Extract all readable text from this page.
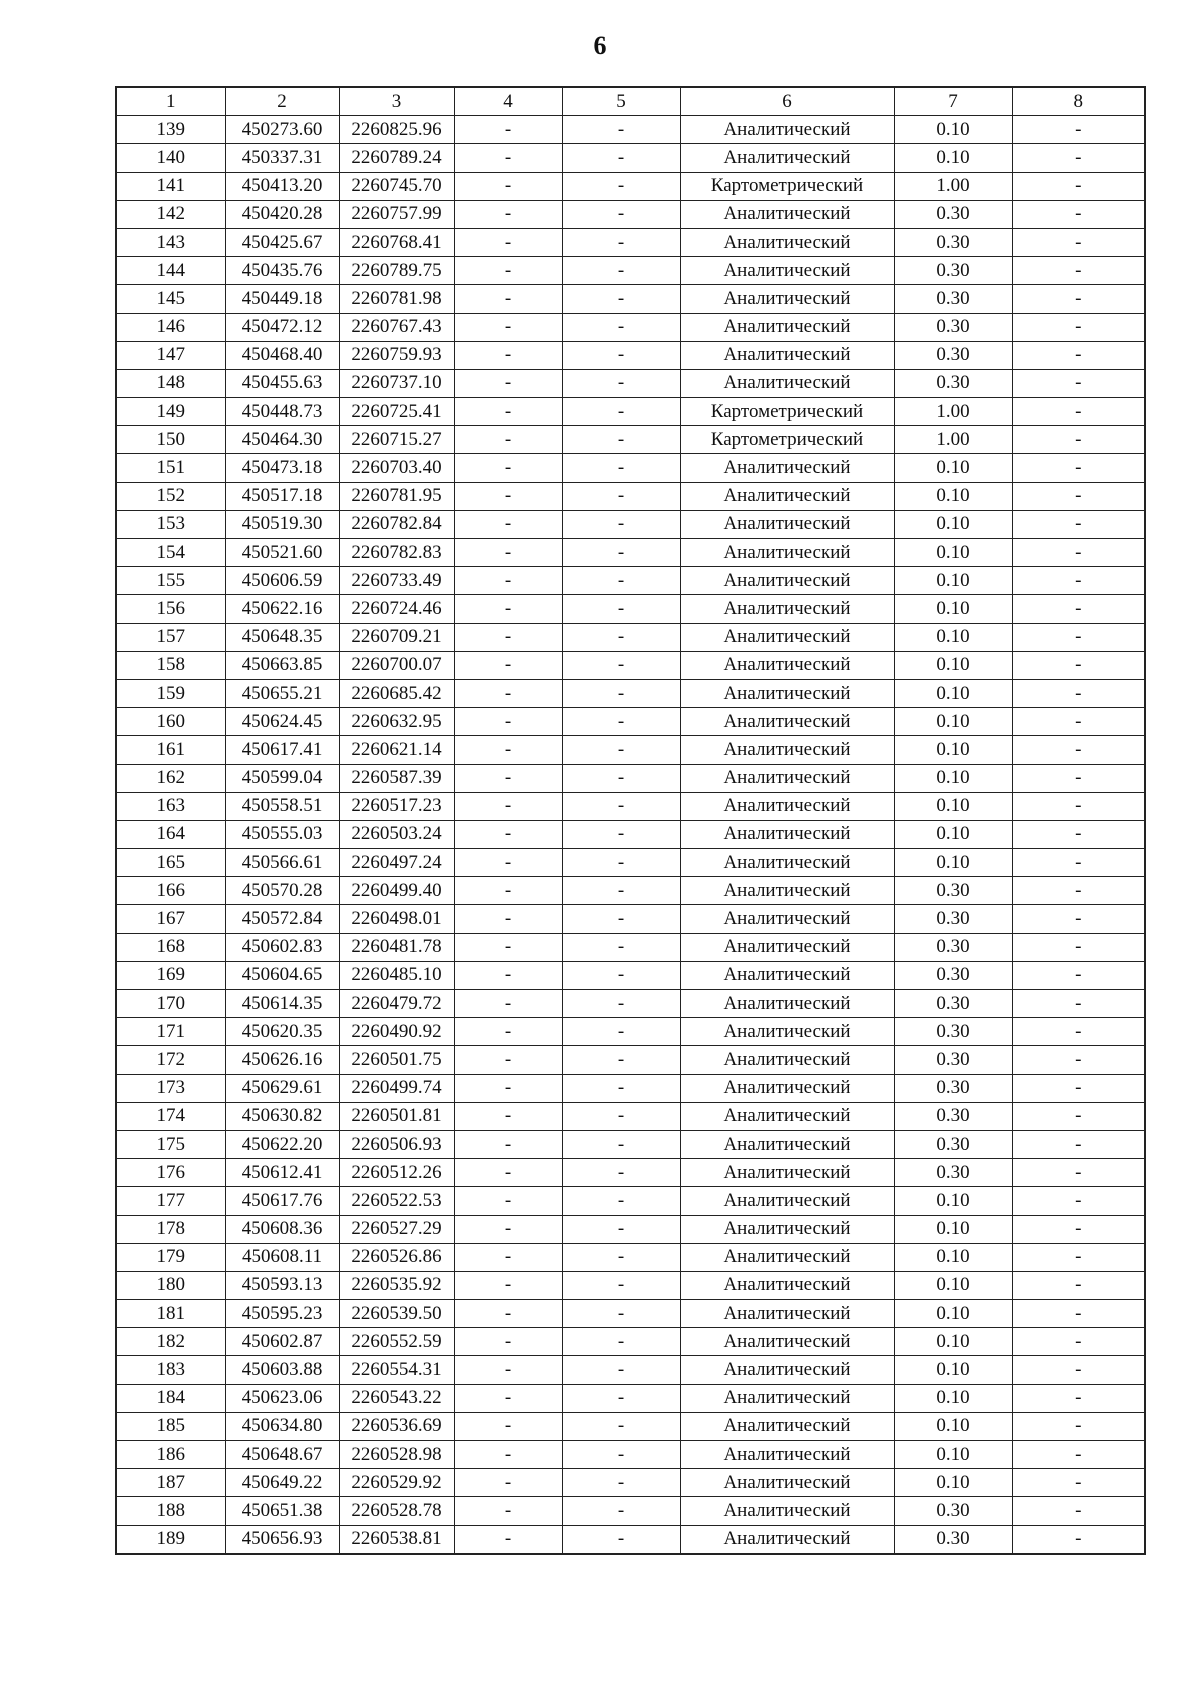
6
1	2	3	4	5	6	7	8
139	450273.60	2260825.96	-	-	Аналитический	0.10	-
140	450337.31	2260789.24	-	-	Аналитический	0.10	-
141	450413.20	2260745.70	-	-	Картометрический	1.00	-
142	450420.28	2260757.99	-	-	Аналитический	0.30	-
143	450425.67	2260768.41	-	-	Аналитический	0.30	-
144	450435.76	2260789.75	-	-	Аналитический	0.30	-
145	450449.18	2260781.98	-	-	Аналитический	0.30	-
146	450472.12	2260767.43	-	-	Аналитический	0.30	-
147	450468.40	2260759.93	-	-	Аналитический	0.30	-
148	450455.63	2260737.10	-	-	Аналитический	0.30	-
149	450448.73	2260725.41	-	-	Картометрический	1.00	-
150	450464.30	2260715.27	-	-	Картометрический	1.00	-
151	450473.18	2260703.40	-	-	Аналитический	0.10	-
152	450517.18	2260781.95	-	-	Аналитический	0.10	-
153	450519.30	2260782.84	-	-	Аналитический	0.10	-
154	450521.60	2260782.83	-	-	Аналитический	0.10	-
155	450606.59	2260733.49	-	-	Аналитический	0.10	-
156	450622.16	2260724.46	-	-	Аналитический	0.10	-
157	450648.35	2260709.21	-	-	Аналитический	0.10	-
158	450663.85	2260700.07	-	-	Аналитический	0.10	-
159	450655.21	2260685.42	-	-	Аналитический	0.10	-
160	450624.45	2260632.95	-	-	Аналитический	0.10	-
161	450617.41	2260621.14	-	-	Аналитический	0.10	-
162	450599.04	2260587.39	-	-	Аналитический	0.10	-
163	450558.51	2260517.23	-	-	Аналитический	0.10	-
164	450555.03	2260503.24	-	-	Аналитический	0.10	-
165	450566.61	2260497.24	-	-	Аналитический	0.10	-
166	450570.28	2260499.40	-	-	Аналитический	0.30	-
167	450572.84	2260498.01	-	-	Аналитический	0.30	-
168	450602.83	2260481.78	-	-	Аналитический	0.30	-
169	450604.65	2260485.10	-	-	Аналитический	0.30	-
170	450614.35	2260479.72	-	-	Аналитический	0.30	-
171	450620.35	2260490.92	-	-	Аналитический	0.30	-
172	450626.16	2260501.75	-	-	Аналитический	0.30	-
173	450629.61	2260499.74	-	-	Аналитический	0.30	-
174	450630.82	2260501.81	-	-	Аналитический	0.30	-
175	450622.20	2260506.93	-	-	Аналитический	0.30	-
176	450612.41	2260512.26	-	-	Аналитический	0.30	-
177	450617.76	2260522.53	-	-	Аналитический	0.10	-
178	450608.36	2260527.29	-	-	Аналитический	0.10	-
179	450608.11	2260526.86	-	-	Аналитический	0.10	-
180	450593.13	2260535.92	-	-	Аналитический	0.10	-
181	450595.23	2260539.50	-	-	Аналитический	0.10	-
182	450602.87	2260552.59	-	-	Аналитический	0.10	-
183	450603.88	2260554.31	-	-	Аналитический	0.10	-
184	450623.06	2260543.22	-	-	Аналитический	0.10	-
185	450634.80	2260536.69	-	-	Аналитический	0.10	-
186	450648.67	2260528.98	-	-	Аналитический	0.10	-
187	450649.22	2260529.92	-	-	Аналитический	0.10	-
188	450651.38	2260528.78	-	-	Аналитический	0.30	-
189	450656.93	2260538.81	-	-	Аналитический	0.30	-
